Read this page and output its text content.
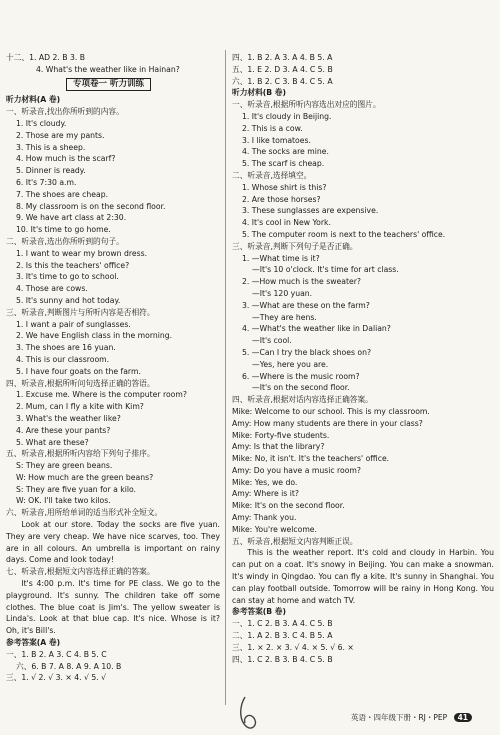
十二、1. AD 2. B 3. B
4. What's the weather like in Hainan?
专项卷一 听力训练
听力材料(A 卷)
一、听录音,找出你所听到的内容。
1. It's cloudy.
2. Those are my pants.
3. This is a sheep.
4. How much is the scarf?
5. Dinner is ready.
6. It's 7:30 a.m.
7. The shoes are cheap.
8. My classroom is on the second floor.
9. We have art class at 2:30.
10. It's time to go home.
二、听录音,选出你所听到的句子。
1. I want to wear my brown dress.
2. Is this the teachers' office?
3. It's time to go to school.
4. Those are cows.
5. It's sunny and hot today.
三、听录音,判断图片与所听内容是否相符。
1. I want a pair of sunglasses.
2. We have English class in the morning.
3. The shoes are 16 yuan.
4. This is our classroom.
5. I have four goats on the farm.
四、听录音,根据所听问句选择正确的答语。
1. Excuse me. Where is the computer room?
2. Mum, can I fly a kite with Kim?
3. What's the weather like?
4. Are these your pants?
5. What are these?
五、听录音,根据所听内容给下列句子排序。
S: They are green beans.
W: How much are the green beans?
S: They are five yuan for a kilo.
W: OK. I'll take two kilos.
六、听录音,用所给单词的适当形式补全短文。
Look at our store. Today the socks are five yuan. They are very cheap. We have nice scarves, too. They are in all colours. An umbrella is important on rainy days. Come and look today!
七、听录音,根据短文内容选择正确的答案。
It's 4:00 p.m. It's time for PE class. We go to the playground. It's sunny. The children take off some clothes. The blue coat is Jim's. The yellow sweater is Linda's. Look at that blue cap. It's nice. Whose is it? Oh, it's Bill's.
参考答案(A 卷)
一、1. B 2. A 3. C 4. B 5. C
六、6. B 7. A 8. A 9. A 10. B
三、1. √ 2. √ 3. × 4. √ 5. √
四、1. B 2. A 3. A 4. B 5. A
五、1. E 2. D 3. A 4. C 5. B
六、1. B 2. C 3. B 4. C 5. A
听力材料(B 卷)
一、听录音,根据所听内容选出对应的图片。
1. It's cloudy in Beijing.
2. This is a cow.
3. I like tomatoes.
4. The socks are mine.
5. The scarf is cheap.
二、听录音,选择填空。
1. Whose shirt is this?
2. Are those horses?
3. These sunglasses are expensive.
4. It's cool in New York.
5. The computer room is next to the teachers' office.
三、听录音,判断下列句子是否正确。
1. —What time is it?
—It's 10 o'clock. It's time for art class.
2. —How much is the sweater?
—It's 120 yuan.
3. —What are these on the farm?
—They are hens.
4. —What's the weather like in Dalian?
—It's cool.
5. —Can I try the black shoes on?
—Yes, here you are.
6. —Where is the music room?
—It's on the second floor.
四、听录音,根据对话内容选择正确答案。
Mike: Welcome to our school. This is my classroom.
Amy: How many students are there in your class?
Mike: Forty-five students.
Amy: Is that the library?
Mike: No, it isn't. It's the teachers' office.
Amy: Do you have a music room?
Mike: Yes, we do.
Amy: Where is it?
Mike: It's on the second floor.
Amy: Thank you.
Mike: You're welcome.
五、听录音,根据短文内容判断正误。
This is the weather report. It's cold and cloudy in Harbin. You can put on a coat. It's snowy in Beijing. You can make a snowman. It's windy in Qingdao. You can fly a kite. It's sunny in Shanghai. You can play football outside. Tomorrow will be rainy in Hong Kong. You can stay at home and watch TV.
参考答案(B 卷)
一、1. C 2. B 3. A 4. C 5. B
二、1. A 2. B 3. C 4. B 5. A
三、1. × 2. × 3. √ 4. × 5. √ 6. ×
四、1. C 2. B 3. B 4. C 5. B
英语・四年级下册・RJ・PEP 41
